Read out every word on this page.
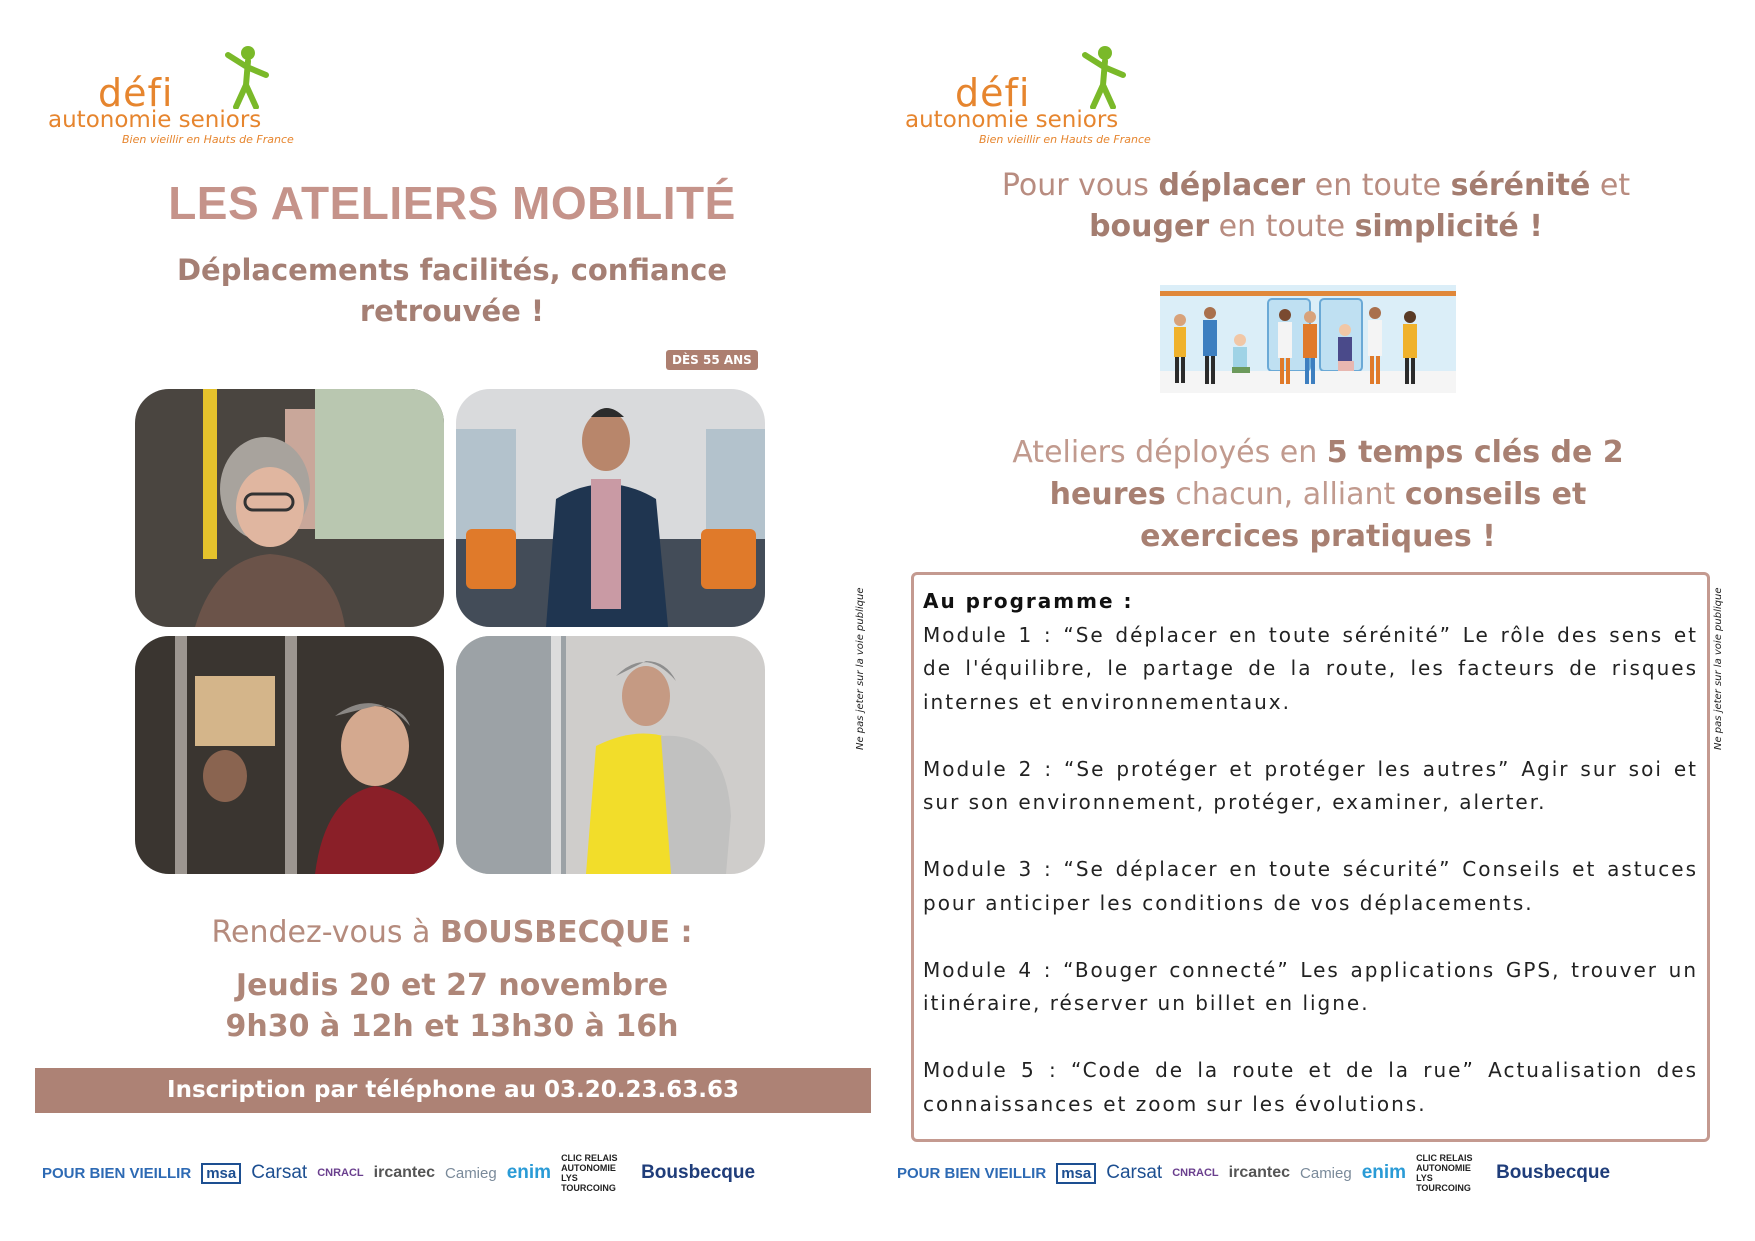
défi
autonomie seniors
Bien vieillir en Hauts de France
LES ATELIERS MOBILITÉ
Déplacements facilités, confiance retrouvée !
DÈS 55 ANS
Rendez-vous à BOUSBECQUE :
Jeudis 20 et 27 novembre
9h30 à 12h et 13h30 à 16h
Inscription par téléphone au 03.20.23.63.63
POUR BIEN VIEILLIR	msa Carsat CNRACL ircantec Camieg enim
CLIC RELAIS AUTONOMIE LYS TOURCOING
Bousbecque
Ne pas jeter sur la voie publique
défi
autonomie seniors
Bien vieillir en Hauts de France
Pour vous déplacer en toute sérénité et
bouger en toute simplicité !
Ateliers déployés en 5 temps clés de 2 heures chacun, alliant conseils et exercices pratiques !
Au programme :
Module 1 : “Se déplacer en toute sérénité” Le rôle des sens et de l'équilibre, le partage de la route, les facteurs de risques internes et environnementaux.
Module 2 : “Se protéger et protéger les autres” Agir sur soi et sur son environnement, protéger, examiner, alerter.
Module 3 : “Se déplacer en toute sécurité” Conseils et astuces pour anticiper les conditions de vos déplacements.
Module 4 : “Bouger connecté” Les applications GPS, trouver un itinéraire, réserver un billet en ligne.
Module 5 : “Code de la route et de la rue” Actualisation des connaissances et zoom sur les évolutions.
POUR BIEN VIEILLIR	msa Carsat CNRACL ircantec Camieg enim
CLIC RELAIS AUTONOMIE LYS TOURCOING
Bousbecque
Ne pas jeter sur la voie publique
